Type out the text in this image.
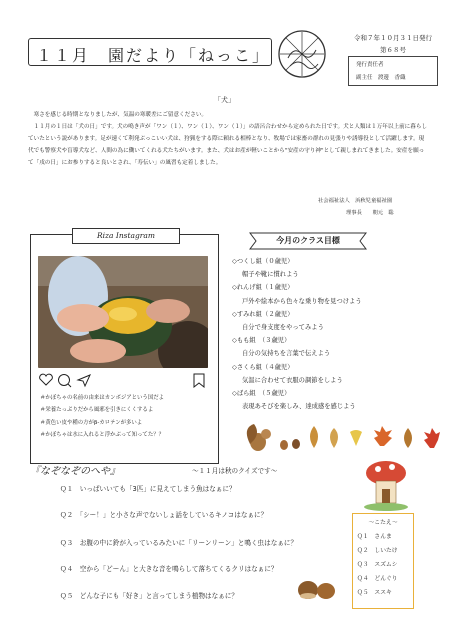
１１月　園だより「ねっこ」
令和７年１０月３１日発行
第６８号
発行責任者
副主任　渡邊　香織
「犬」

寒さを感じる時期となりましたが、気温の寒暖差にご留意ください。

１１月の１日は「犬の日」です。犬の鳴き声が「ワン（１）、ワン（１）、ワン（１）」の語呂合わせから定められた日です。犬と人類は１万年以上前に暮らしていたという説があります。足が速くて利発ぶっこいい犬は、狩猟をする際に頼れる相棒となり、牧場では家畜の群れの見張りや誘導役として活躍します。現代でも警察犬や盲導犬など、人間の為に働いてくれる犬たちがいます。また、犬はお産が軽いことから"安産の守り神"として親しまれてきました。安産を願って「戌の日」にお参りすると良いとされ、「寿伝い」の風習も定着しました。

社会福祉法人　浜秋児童福祉園
理事長　　朝元　聡
Riza Instagram
＃かぼちゃの名前の由来はカンボジアという国だよ
＃栄養たっぷりだから風邪を引きにくくするよ
＃黄色い皮や種の方がβ-カロテンが多いよ
＃かぼちゃは水に入れると浮かぶって知ってた？？
今月のクラス目標
◇つくし組（０歳児）
帽子や靴に慣れよう
◇れんげ組（１歳児）
戸外や絵本から色々な乗り物を見つけよう
◇すみれ組（２歳児）
自分で身支度をやってみよう
◇もも組　（３歳児）
自分の気持ちを言葉で伝えよう
◇さくら組（４歳児）
気温に合わせて衣服の調節をしよう
◇ばら組　（５歳児）
表現あそびを楽しみ、達成感を感じよう
『なぞなぞのへや』	～１１月は秋のクイズです～
Ｑ１　いっぱいいても「3匹」に見えてしまう魚はなぁに？
Ｑ２　「シー！」と小さな声でないしょ話をしているキノコはなぁに？
Ｑ３　お腹の中に鈴が入っているみたいに「リーンリーン」と鳴く虫はなぁに？
Ｑ４　空から「どーん」と大きな音を鳴らして落ちてくるクリはなぁに？
Ｑ５　どんな子にも「好き」と言ってしまう植物はなぁに？
～こたえ～
Ｑ１　さんま
Ｑ２　しいたけ
Ｑ３　スズムシ
Ｑ４　どんぐり
Ｑ５　ススキ
